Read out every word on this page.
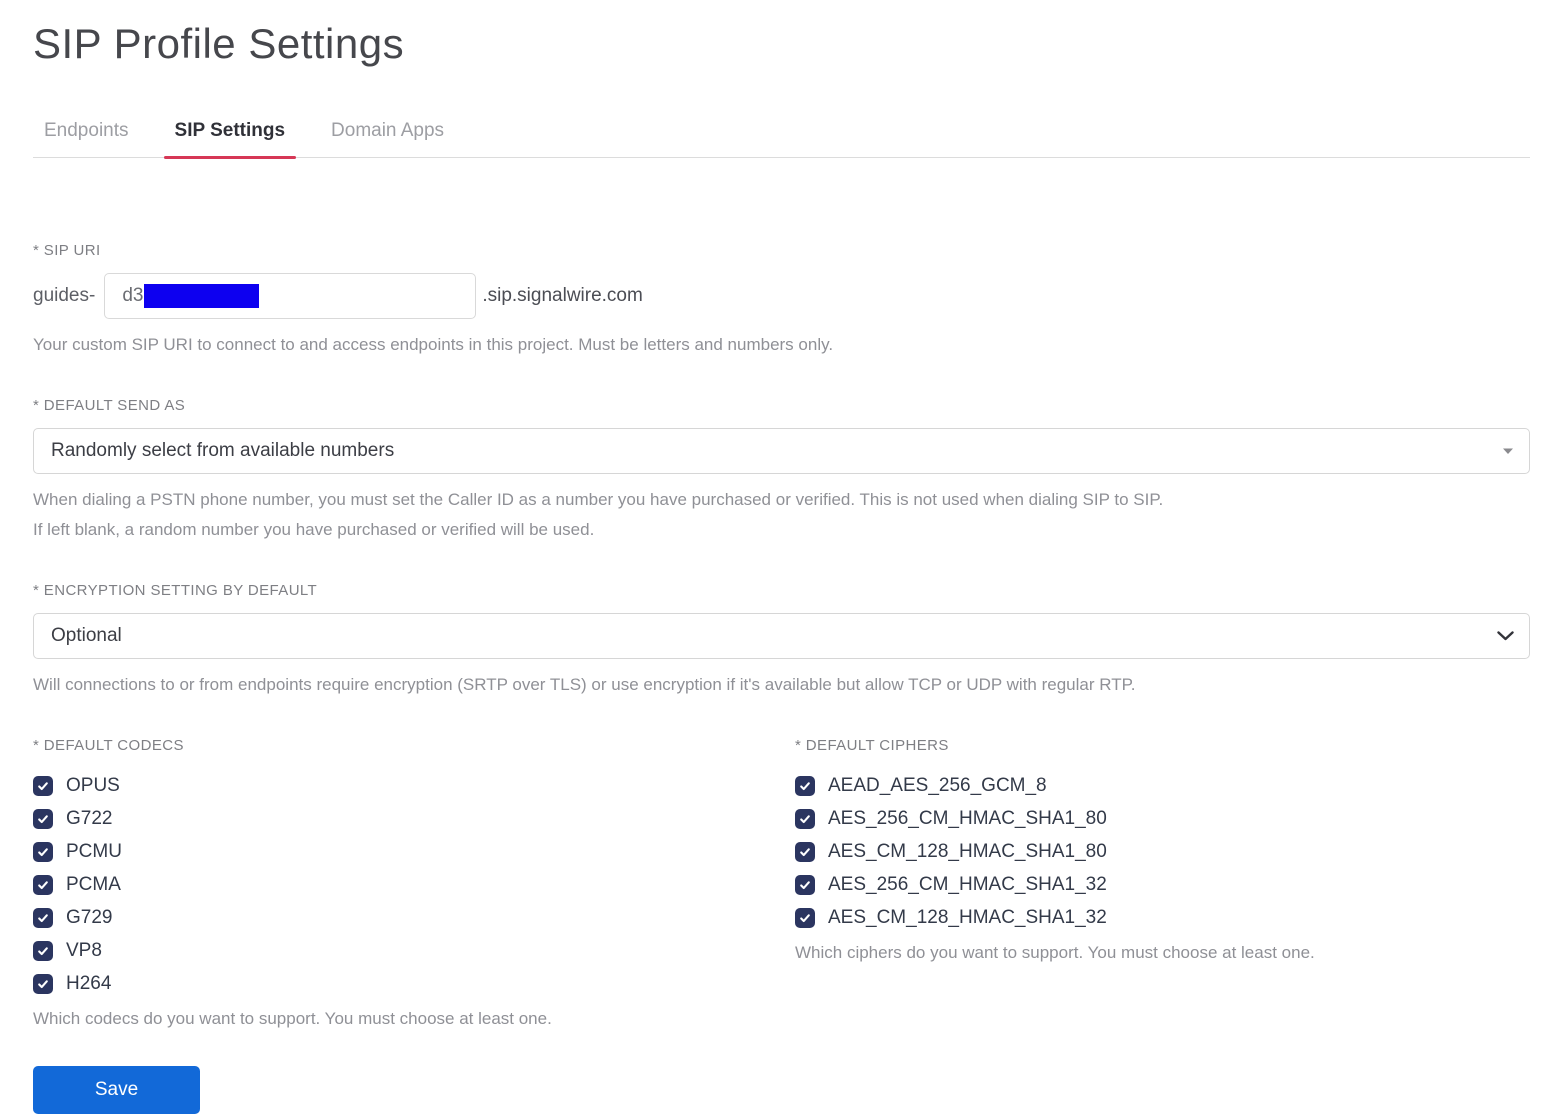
SIP Profile Settings
Endpoints	SIP Settings	Domain Apps
* SIP URI
guides- d3	.sip.signalwire.com
Your custom SIP URI to connect to and access endpoints in this project. Must be letters and numbers only.
* DEFAULT SEND AS
Randomly select from available numbers
When dialing a PSTN phone number, you must set the Caller ID as a number you have purchased or verified. This is not used when dialing SIP to SIP.
If left blank, a random number you have purchased or verified will be used.
* ENCRYPTION SETTING BY DEFAULT
Optional
Will connections to or from endpoints require encryption (SRTP over TLS) or use encryption if it's available but allow TCP or UDP with regular RTP.
* DEFAULT CODECS
OPUS
G722
PCMU
PCMA
G729
VP8
H264
Which codecs do you want to support. You must choose at least one.
Save
* DEFAULT CIPHERS
AEAD_AES_256_GCM_8
AES_256_CM_HMAC_SHA1_80
AES_CM_128_HMAC_SHA1_80
AES_256_CM_HMAC_SHA1_32
AES_CM_128_HMAC_SHA1_32
Which ciphers do you want to support. You must choose at least one.
